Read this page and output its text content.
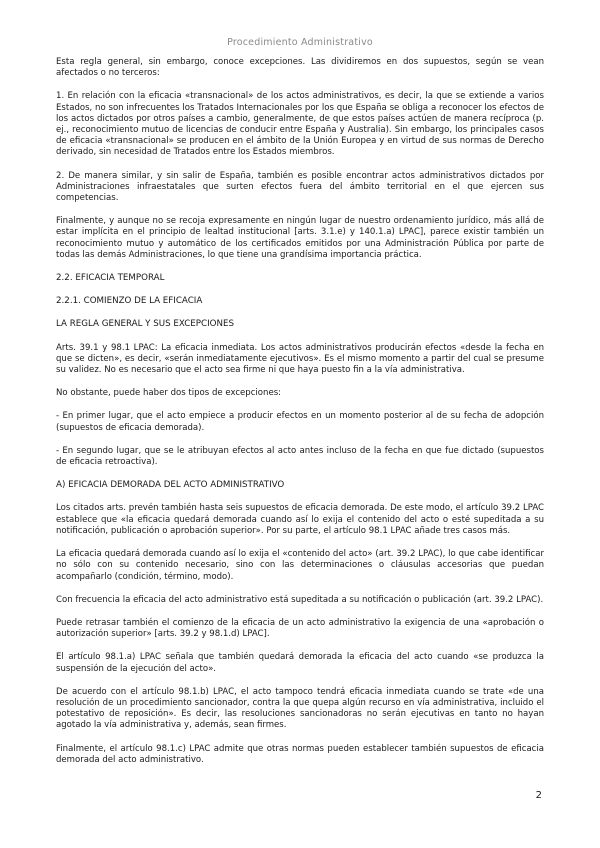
Procedimiento Administrativo

Esta regla general, sin embargo, conoce excepciones. Las dividiremos en dos supuestos, según se vean afectados o no terceros:

1. En relación con la eficacia «transnacional» de los actos administrativos, es decir, la que se extiende a varios Estados, no son infrecuentes los Tratados Internacionales por los que España se obliga a reconocer los efectos de los actos dictados por otros países a cambio, generalmente, de que estos países actúen de manera recíproca (p. ej., reconocimiento mutuo de licencias de conducir entre España y Australia). Sin embargo, los principales casos de eficacia «transnacional» se producen en el ámbito de la Unión Europea y en virtud de sus normas de Derecho derivado, sin necesidad de Tratados entre los Estados miembros.

2. De manera similar, y sin salir de España, también es posible encontrar actos administrativos dictados por Administraciones infraestatales que surten efectos fuera del ámbito territorial en el que ejercen sus competencias.

Finalmente, y aunque no se recoja expresamente en ningún lugar de nuestro ordenamiento jurídico, más allá de estar implícita en el principio de lealtad institucional [arts. 3.1.e) y 140.1.a) LPAC], parece existir también un reconocimiento mutuo y automático de los certificados emitidos por una Administración Pública por parte de todas las demás Administraciones, lo que tiene una grandísima importancia práctica.

2.2. EFICACIA TEMPORAL

2.2.1. COMIENZO DE LA EFICACIA

LA REGLA GENERAL Y SUS EXCEPCIONES

Arts. 39.1 y 98.1 LPAC: La eficacia inmediata. Los actos administrativos producirán efectos «desde la fecha en que se dicten», es decir, «serán inmediatamente ejecutivos». Es el mismo momento a partir del cual se presume su validez. No es necesario que el acto sea firme ni que haya puesto fin a la vía administrativa.

No obstante, puede haber dos tipos de excepciones:

- En primer lugar, que el acto empiece a producir efectos en un momento posterior al de su fecha de adopción (supuestos de eficacia demorada).

- En segundo lugar, que se le atribuyan efectos al acto antes incluso de la fecha en que fue dictado (supuestos de eficacia retroactiva).

A) EFICACIA DEMORADA DEL ACTO ADMINISTRATIVO

Los citados arts. prevén también hasta seis supuestos de eficacia demorada. De este modo, el artículo 39.2 LPAC establece que «la eficacia quedará demorada cuando así lo exija el contenido del acto o esté supeditada a su notificación, publicación o aprobación superior». Por su parte, el artículo 98.1 LPAC añade tres casos más.

La eficacia quedará demorada cuando así lo exija el «contenido del acto» (art. 39.2 LPAC), lo que cabe identificar no sólo con su contenido necesario, sino con las determinaciones o cláusulas accesorias que puedan acompañarlo (condición, término, modo).

Con frecuencia la eficacia del acto administrativo está supeditada a su notificación o publicación (art. 39.2 LPAC).

Puede retrasar también el comienzo de la eficacia de un acto administrativo la exigencia de una «aprobación o autorización superior» [arts. 39.2 y 98.1.d) LPAC].

El artículo 98.1.a) LPAC señala que también quedará demorada la eficacia del acto cuando «se produzca la suspensión de la ejecución del acto».

De acuerdo con el artículo 98.1.b) LPAC, el acto tampoco tendrá eficacia inmediata cuando se trate «de una resolución de un procedimiento sancionador, contra la que quepa algún recurso en vía administrativa, incluido el potestativo de reposición». Es decir, las resoluciones sancionadoras no serán ejecutivas en tanto no hayan agotado la vía administrativa y, además, sean firmes.

Finalmente, el artículo 98.1.c) LPAC admite que otras normas pueden establecer también supuestos de eficacia demorada del acto administrativo.

2
